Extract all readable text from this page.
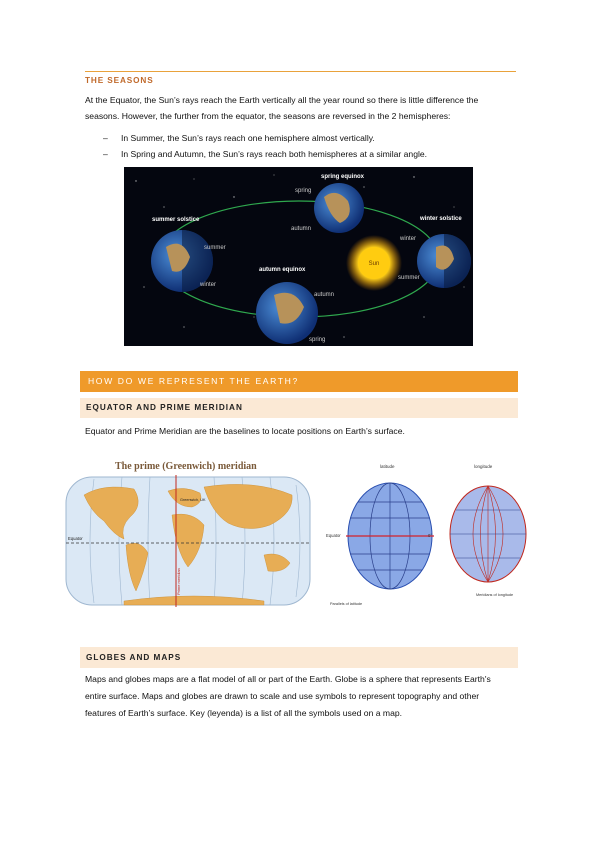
THE SEASONS
At the Equator, the Sun’s rays reach the Earth vertically all the year round so there is little difference the
seasons. However, the further from the equator, the seasons are reversed in the 2 hemispheres:
– In Summer, the Sun’s rays reach one hemisphere almost vertically.
– In Spring and Autumn, the Sun’s rays reach both hemispheres at a similar angle.
Sun
spring equinox
summer solstice	winter solstice
autumn equinox
spring
autumn
summer
winter
winter
summer
autumn
spring
HOW DO WE REPRESENT THE EARTH?
EQUATOR AND PRIME MERIDIAN
Equator and Prime Meridian are the baselines to locate positions on Earth’s surface.
The prime (Greenwich) meridian
Equator
Greenwich, UK
Prime meridian
latitude	longitude
Equator	0°
Parallels of latitude
Meridians of longitude
GLOBES AND MAPS
Maps and globes maps are a flat model of all or part of the Earth. Globe is a sphere that represents Earth's
entire surface. Maps and globes are drawn to scale and use symbols to represent topography and other
features of Earth’s surface. Key (leyenda) is a list of all the symbols used on a map.
